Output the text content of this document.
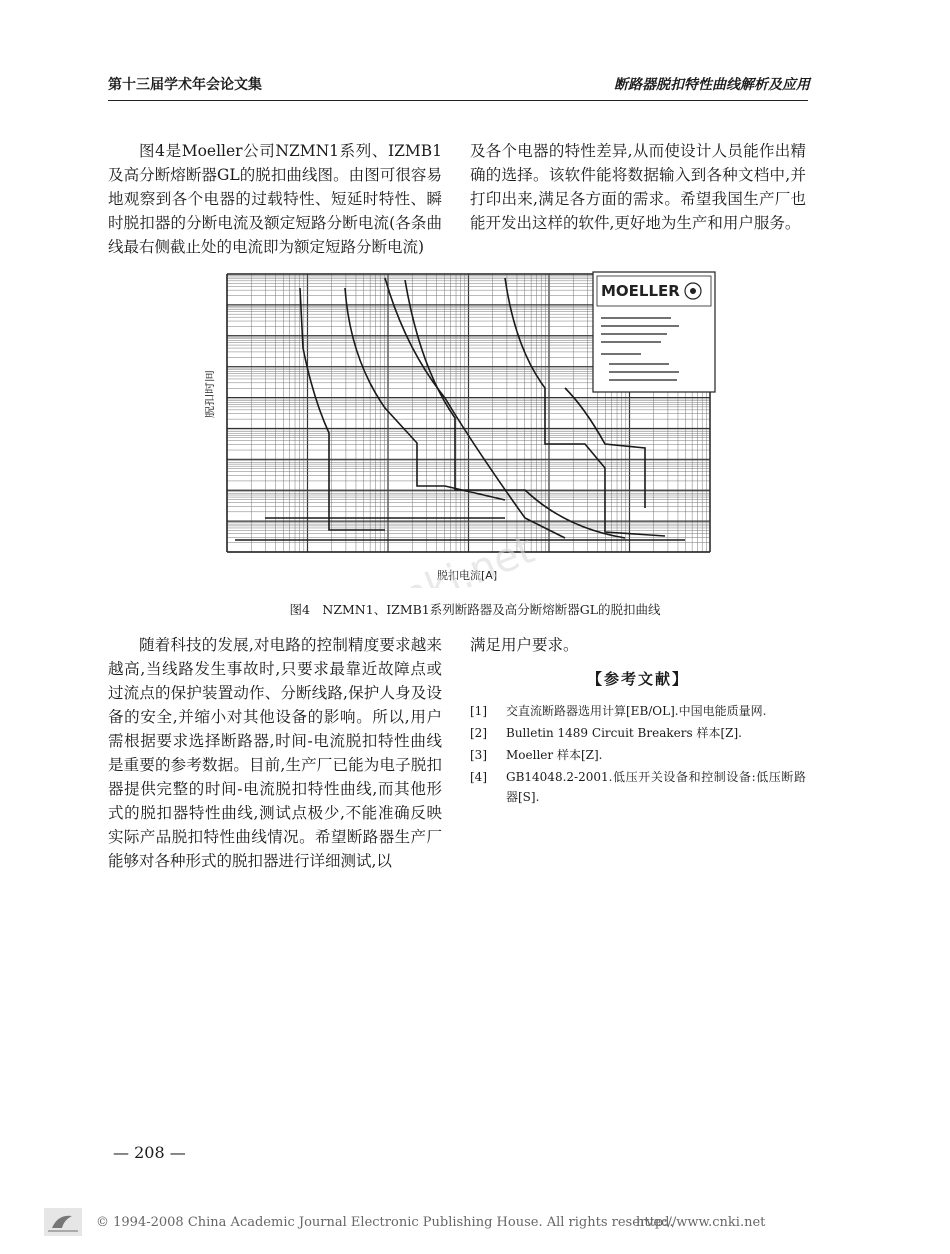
第十三届学术年会论文集	断路器脱扣特性曲线解析及应用

图4是Moeller公司NZMN1系列、IZMB1及高分断熔断器GL的脱扣曲线图。由图可很容易地观察到各个电器的过载特性、短延时特性、瞬时脱扣器的分断电流及额定短路分断电流(各条曲线最右侧截止处的电流即为额定短路分断电流)

及各个电器的特性差异,从而使设计人员能作出精确的选择。该软件能将数据输入到各种文档中,并打印出来,满足各方面的需求。希望我国生产厂也能开发出这样的软件,更好地为生产和用户服务。

MOELLER
脱扣时间
脱扣电流[A]
图4　NZMN1、IZMB1系列断路器及高分断熔断器GL的脱扣曲线

随着科技的发展,对电路的控制精度要求越来越高,当线路发生事故时,只要求最靠近故障点或过流点的保护装置动作、分断线路,保护人身及设备的安全,并缩小对其他设备的影响。所以,用户需根据要求选择断路器,时间-电流脱扣特性曲线是重要的参考数据。目前,生产厂已能为电子脱扣器提供完整的时间-电流脱扣特性曲线,而其他形式的脱扣器特性曲线,测试点极少,不能准确反映实际产品脱扣特性曲线情况。希望断路器生产厂能够对各种形式的脱扣器进行详细测试,以

满足用户要求。

【参考文献】
[1]	交直流断路器选用计算[EB/OL].中国电能质量网.
[2]	Bulletin 1489 Circuit Breakers 样本[Z].
[3]	Moeller 样本[Z].
[4]	GB14048.2-2001.低压开关设备和控制设备:低压断路器[S].
— 208 —
© 1994-2008 China Academic Journal Electronic Publishing House. All rights reserved.
http://www.cnki.net
